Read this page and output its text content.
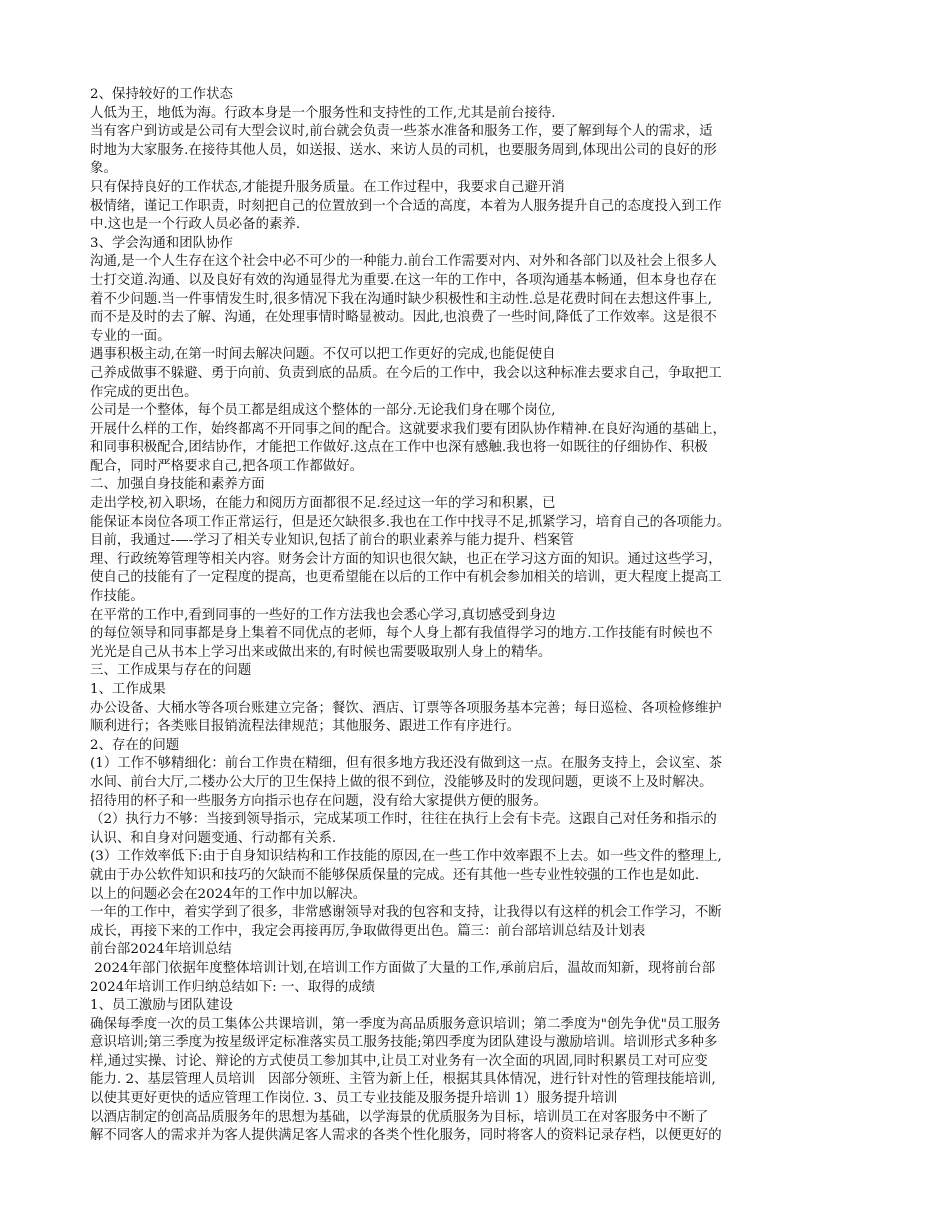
2、保持较好的工作状态
人低为王，地低为海。行政本身是一个服务性和支持性的工作,尤其是前台接待.
当有客户到访或是公司有大型会议时,前台就会负责一些茶水准备和服务工作，要了解到每个人的需求，适
时地为大家服务.在接待其他人员，如送报、送水、来访人员的司机，也要服务周到,体现出公司的良好的形
象。
只有保持良好的工作状态,才能提升服务质量。在工作过程中，我要求自己避开消
极情绪，谨记工作职责，时刻把自己的位置放到一个合适的高度，本着为人服务提升自己的态度投入到工作
中.这也是一个行政人员必备的素养.
3、学会沟通和团队协作
沟通,是一个人生存在这个社会中必不可少的一种能力.前台工作需要对内、对外和各部门以及社会上很多人
士打交道.沟通、以及良好有效的沟通显得尤为重要.在这一年的工作中，各项沟通基本畅通，但本身也存在
着不少问题.当一件事情发生时,很多情况下我在沟通时缺少积极性和主动性.总是花费时间在去想这件事上,
而不是及时的去了解、沟通，在处理事情时略显被动。因此,也浪费了一些时间,降低了工作效率。这是很不
专业的一面。
遇事积极主动,在第一时间去解决问题。不仅可以把工作更好的完成,也能促使自
己养成做事不躲避、勇于向前、负责到底的品质。在今后的工作中，我会以这种标准去要求自己，争取把工
作完成的更出色。
公司是一个整体，每个员工都是组成这个整体的一部分.无论我们身在哪个岗位,
开展什么样的工作，始终都离不开同事之间的配合。这就要求我们要有团队协作精神.在良好沟通的基础上，
和同事积极配合,团结协作，才能把工作做好.这点在工作中也深有感触.我也将一如既往的仔细协作、积极
配合，同时严格要求自己,把各项工作都做好。
二、加强自身技能和素养方面
走出学校,初入职场，在能力和阅历方面都很不足.经过这一年的学习和积累，已
能保证本岗位各项工作正常运行，但是还欠缺很多.我也在工作中找寻不足,抓紧学习，培育自己的各项能力。
目前，我通过-—-学习了相关专业知识,包括了前台的职业素养与能力提升、档案管
理、行政统筹管理等相关内容。财务会计方面的知识也很欠缺，也正在学习这方面的知识。通过这些学习，
使自己的技能有了一定程度的提高，也更希望能在以后的工作中有机会参加相关的培训，更大程度上提高工
作技能。
在平常的工作中,看到同事的一些好的工作方法我也会悉心学习,真切感受到身边
的每位领导和同事都是身上集着不同优点的老师，每个人身上都有我值得学习的地方.工作技能有时候也不
光光是自己从书本上学习出来或做出来的,有时候也需要吸取别人身上的精华。
三、工作成果与存在的问题
1、工作成果
办公设备、大桶水等各项台账建立完备；餐饮、酒店、订票等各项服务基本完善；每日巡检、各项检修维护
顺利进行；各类账目报销流程法律规范；其他服务、跟进工作有序进行。
2、存在的问题
(1）工作不够精细化：前台工作贵在精细，但有很多地方我还没有做到这一点。在服务支持上，会议室、茶
水间、前台大厅,二楼办公大厅的卫生保持上做的很不到位，没能够及时的发现问题，更谈不上及时解决。
招待用的杯子和一些服务方向指示也存在问题，没有给大家提供方便的服务。
（2）执行力不够：当接到领导指示，完成某项工作时，往往在执行上会有卡壳。这跟自己对任务和指示的
认识、和自身对问题变通、行动都有关系.
(3）工作效率低下:由于自身知识结构和工作技能的原因,在一些工作中效率跟不上去。如一些文件的整理上,
就由于办公软件知识和技巧的欠缺而不能够保质保量的完成。还有其他一些专业性较强的工作也是如此.
以上的问题必会在2024年的工作中加以解决。
一年的工作中，着实学到了很多，非常感谢领导对我的包容和支持，让我得以有这样的机会工作学习，不断
成长，再接下来的工作中，我定会再接再厉,争取做得更出色。篇三：前台部培训总结及计划表
前台部2024年培训总结
2024年部门依据年度整体培训计划,在培训工作方面做了大量的工作,承前启后，温故而知新，现将前台部
2024年培训工作归纳总结如下: 一、取得的成绩
1、员工激励与团队建设
确保每季度一次的员工集体公共课培训，第一季度为高品质服务意识培训；第二季度为"创先争优"员工服务
意识培训;第三季度为按星级评定标准落实员工服务技能;第四季度为团队建设与激励培训。培训形式多种多
样,通过实操、讨论、辩论的方式使员工参加其中,让员工对业务有一次全面的巩固,同时积累员工对可应变
能力. 2、基层管理人员培训   因部分领班、主管为新上任，根据其具体情况，进行针对性的管理技能培训,
以使其更好更快的适应管理工作岗位. 3、员工专业技能及服务提升培训 1）服务提升培训
以酒店制定的创高品质服务年的思想为基础，以学海景的优质服务为目标，培训员工在对客服务中不断了
解不同客人的需求并为客人提供满足客人需求的各类个性化服务，同时将客人的资料记录存档，以便更好的
